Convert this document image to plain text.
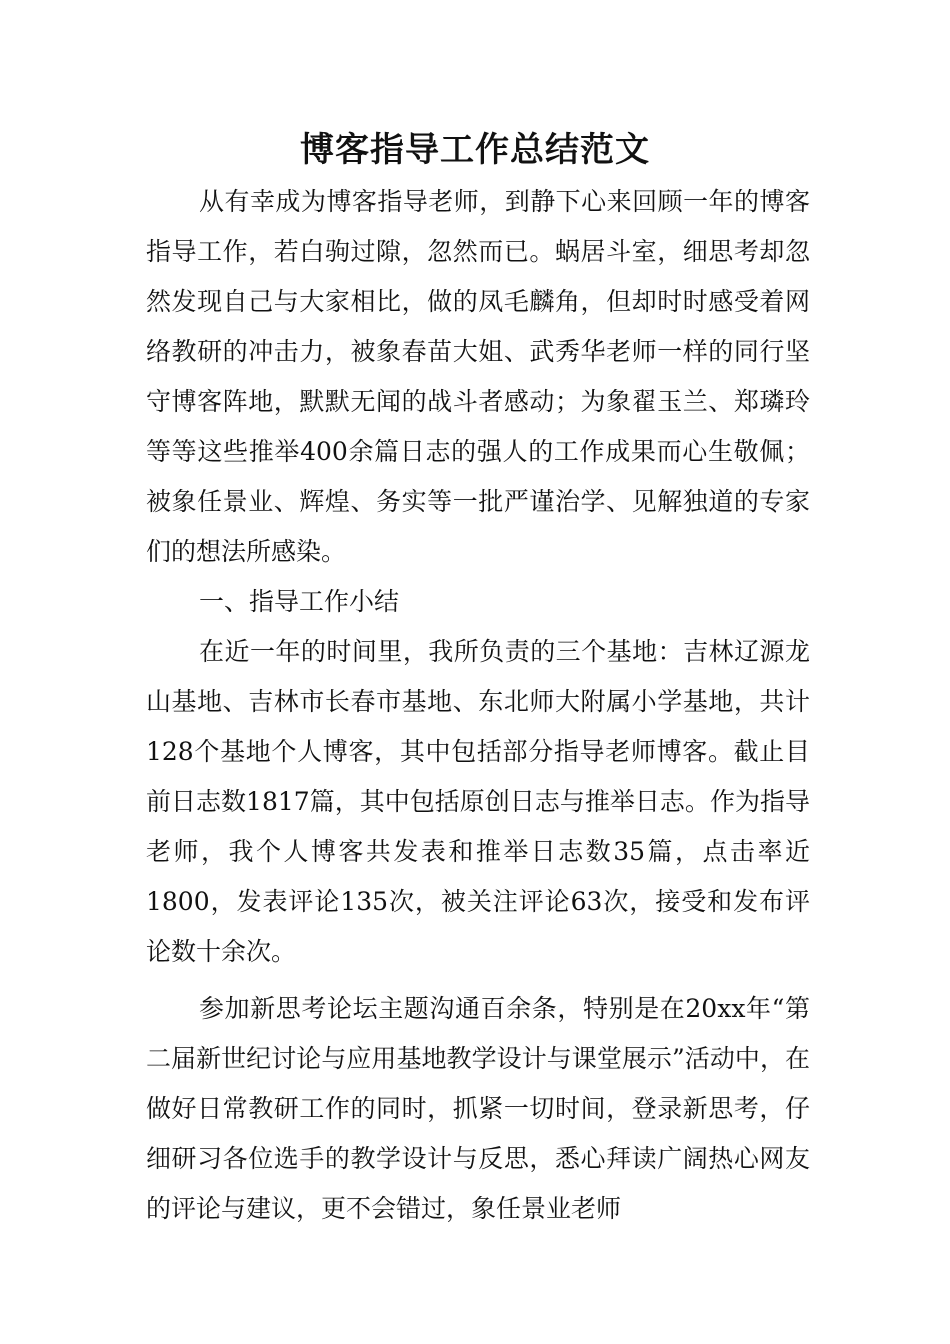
博客指导工作总结范文

从有幸成为博客指导老师，到静下心来回顾一年的博客指导工作，若白驹过隙，忽然而已。蜗居斗室，细思考却忽然发现自己与大家相比，做的凤毛麟角，但却时时感受着网络教研的冲击力，被象春苗大姐、武秀华老师一样的同行坚守博客阵地，默默无闻的战斗者感动；为象翟玉兰、郑璘玲等等这些推举400余篇日志的强人的工作成果而心生敬佩；被象任景业、辉煌、务实等一批严谨治学、见解独道的专家们的想法所感染。

一、指导工作小结

在近一年的时间里，我所负责的三个基地：吉林辽源龙山基地、吉林市长春市基地、东北师大附属小学基地，共计128个基地个人博客，其中包括部分指导老师博客。截止目前日志数1817篇，其中包括原创日志与推举日志。作为指导老师，我个人博客共发表和推举日志数35篇，点击率近1800，发表评论135次，被关注评论63次，接受和发布评论数十余次。

参加新思考论坛主题沟通百余条，特别是在20xx年“第二届新世纪讨论与应用基地教学设计与课堂展示”活动中，在做好日常教研工作的同时，抓紧一切时间，登录新思考，仔细研习各位选手的教学设计与反思，悉心拜读广阔热心网友的评论与建议，更不会错过，象任景业老师
